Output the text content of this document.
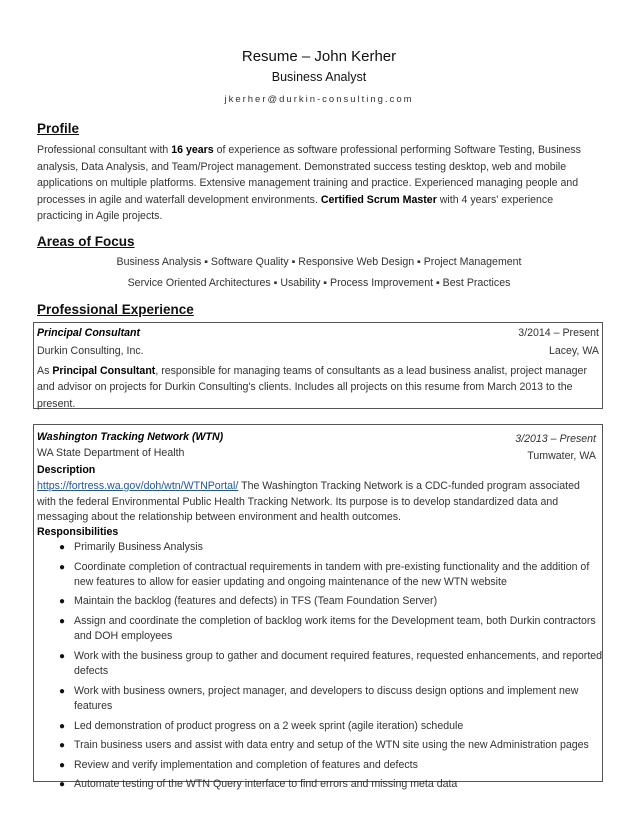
Resume – John Kerher
Business Analyst
jkerher@durkin-consulting.com
Profile
Professional consultant with 16 years of experience as software professional performing Software Testing, Business analysis, Data Analysis, and Team/Project management. Demonstrated success testing desktop, web and mobile applications on multiple platforms. Extensive management training and practice. Experienced managing people and processes in agile and waterfall development environments. Certified Scrum Master with 4 years' experience practicing in Agile projects.
Areas of Focus
Business Analysis ▪ Software Quality ▪ Responsive Web Design ▪ Project Management
Service Oriented Architectures ▪ Usability ▪ Process Improvement ▪ Best Practices
Professional Experience
Principal Consultant	3/2014 – Present
Durkin Consulting, Inc.	Lacey, WA
As Principal Consultant, responsible for managing teams of consultants as a lead business analist, project manager and advisor on projects for Durkin Consulting's clients. Includes all projects on this resume from March 2013 to the present.
Washington Tracking Network (WTN)	3/2013 – Present
WA State Department of Health	Tumwater, WA
Description
https://fortress.wa.gov/doh/wtn/WTNPortal/ The Washington Tracking Network is a CDC-funded program associated with the federal Environmental Public Health Tracking Network. Its purpose is to develop standardized data and messaging about the relationship between environment and health outcomes.
Responsibilities
● Primarily Business Analysis
● Coordinate completion of contractual requirements in tandem with pre-existing functionality and the addition of new features to allow for easier updating and ongoing maintenance of the new WTN website
● Maintain the backlog (features and defects) in TFS (Team Foundation Server)
● Assign and coordinate the completion of backlog work items for the Development team, both Durkin contractors and DOH employees
● Work with the business group to gather and document required features, requested enhancements, and reported defects
● Work with business owners, project manager, and developers to discuss design options and implement new features
● Led demonstration of product progress on a 2 week sprint (agile iteration) schedule
● Train business users and assist with data entry and setup of the WTN site using the new Administration pages
● Review and verify implementation and completion of features and defects
● Automate testing of the WTN Query interface to find errors and missing meta data
